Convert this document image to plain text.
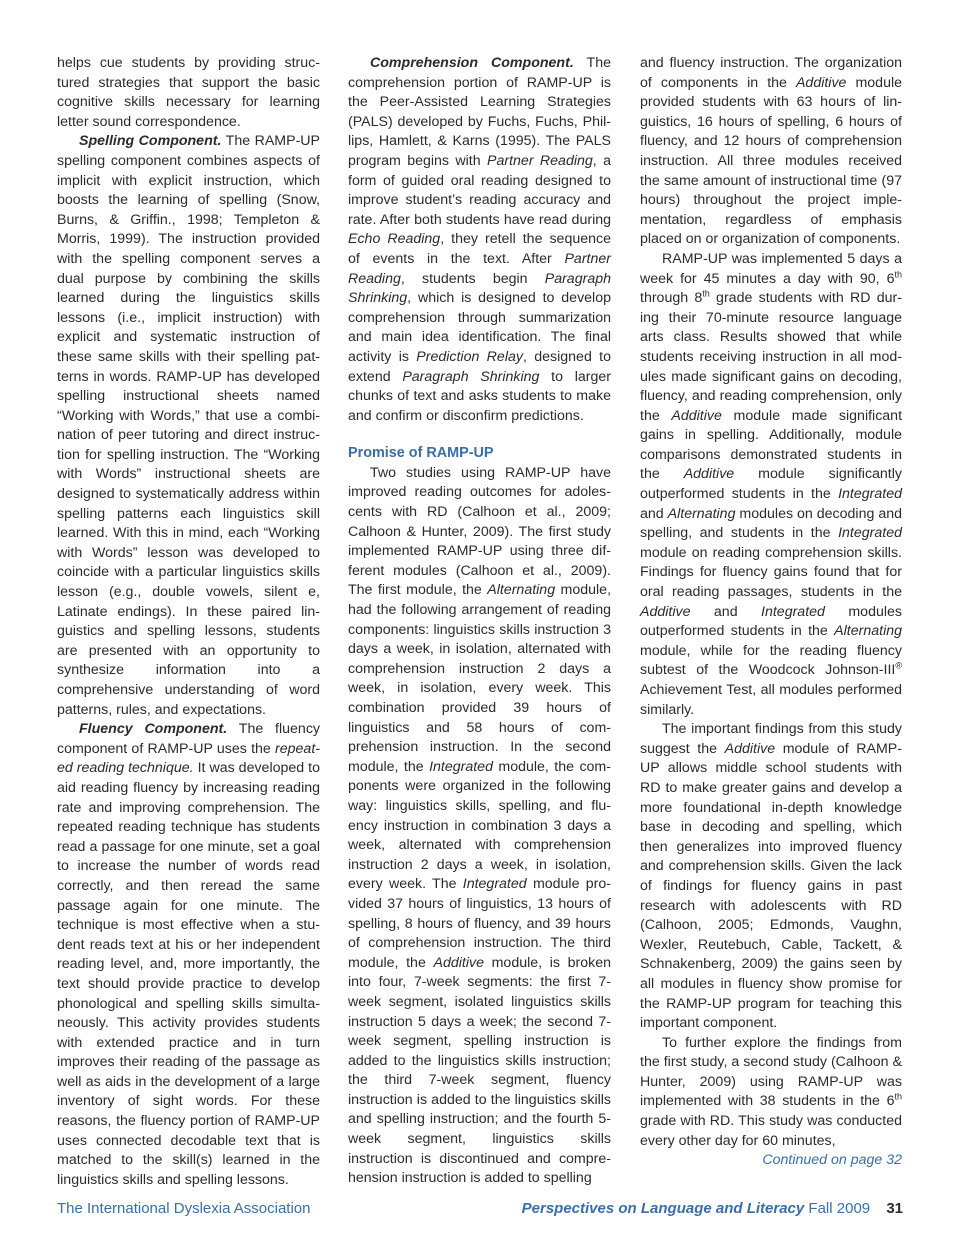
helps cue students by providing structured strategies that support the basic cognitive skills necessary for learning letter sound correspondence.

Spelling Component. The RAMP-UP spelling component combines aspects of implicit with explicit instruction, which boosts the learning of spelling (Snow, Burns, & Griffin., 1998; Templeton & Morris, 1999). The instruction provided with the spelling component serves a dual purpose by combining the skills learned during the linguistics skills lessons (i.e., implicit instruction) with explicit and systematic instruction of these same skills with their spelling patterns in words. RAMP-UP has developed spelling instructional sheets named “Working with Words,” that use a combination of peer tutoring and direct instruction for spelling instruction. The “Working with Words” instructional sheets are designed to systematically address within spelling patterns each linguistics skill learned. With this in mind, each “Working with Words” lesson was developed to coincide with a particular linguistics skills lesson (e.g., double vowels, silent e, Latinate endings). In these paired linguistics and spelling lessons, students are presented with an opportunity to synthesize information into a comprehensive understanding of word patterns, rules, and expectations.

Fluency Component. The fluency component of RAMP-UP uses the repeated reading technique. It was developed to aid reading fluency by increasing reading rate and improving comprehension. The repeated reading technique has students read a passage for one minute, set a goal to increase the number of words read correctly, and then reread the same passage again for one minute. The technique is most effective when a student reads text at his or her independent reading level, and, more importantly, the text should provide practice to develop phonological and spelling skills simultaneously. This activity provides students with extended practice and in turn improves their reading of the passage as well as aids in the development of a large inventory of sight words. For these reasons, the fluency portion of RAMP-UP uses connected decodable text that is matched to the skill(s) learned in the linguistics skills and spelling lessons.

Comprehension Component. The comprehension portion of RAMP-UP is the Peer-Assisted Learning Strategies (PALS) developed by Fuchs, Fuchs, Phillips, Hamlett, & Karns (1995). The PALS program begins with Partner Reading, a form of guided oral reading designed to improve student’s reading accuracy and rate. After both students have read during Echo Reading, they retell the sequence of events in the text. After Partner Reading, students begin Paragraph Shrinking, which is designed to develop comprehension through summarization and main idea identification. The final activity is Prediction Relay, designed to extend Paragraph Shrinking to larger chunks of text and asks students to make and confirm or disconfirm predictions.

Promise of RAMP-UP

Two studies using RAMP-UP have improved reading outcomes for adolescents with RD (Calhoon et al., 2009; Calhoon & Hunter, 2009). The first study implemented RAMP-UP using three different modules (Calhoon et al., 2009). The first module, the Alternating module, had the following arrangement of reading components: linguistics skills instruction 3 days a week, in isolation, alternated with comprehension instruction 2 days a week, in isolation, every week. This combination provided 39 hours of linguistics and 58 hours of comprehension instruction. In the second module, the Integrated module, the components were organized in the following way: linguistics skills, spelling, and fluency instruction in combination 3 days a week, alternated with comprehension instruction 2 days a week, in isolation, every week. The Integrated module provided 37 hours of linguistics, 13 hours of spelling, 8 hours of fluency, and 39 hours of comprehension instruction. The third module, the Additive module, is broken into four, 7-week segments: the first 7-week segment, isolated linguistics skills instruction 5 days a week; the second 7-week segment, spelling instruction is added to the linguistics skills instruction; the third 7-week segment, fluency instruction is added to the linguistics skills and spelling instruction; and the fourth 5-week segment, linguistics skills instruction is discontinued and comprehension instruction is added to spelling

and fluency instruction. The organization of components in the Additive module provided students with 63 hours of linguistics, 16 hours of spelling, 6 hours of fluency, and 12 hours of comprehension instruction. All three modules received the same amount of instructional time (97 hours) throughout the project implementation, regardless of emphasis placed on or organization of components.

RAMP-UP was implemented 5 days a week for 45 minutes a day with 90, 6th through 8th grade students with RD during their 70-minute resource language arts class. Results showed that while students receiving instruction in all modules made significant gains on decoding, fluency, and reading comprehension, only the Additive module made significant gains in spelling. Additionally, module comparisons demonstrated students in the Additive module significantly outperformed students in the Integrated and Alternating modules on decoding and spelling, and students in the Integrated module on reading comprehension skills. Findings for fluency gains found that for oral reading passages, students in the Additive and Integrated modules outperformed students in the Alternating module, while for the reading fluency subtest of the Woodcock Johnson-III® Achievement Test, all modules performed similarly.

The important findings from this study suggest the Additive module of RAMP-UP allows middle school students with RD to make greater gains and develop a more foundational in-depth knowledge base in decoding and spelling, which then generalizes into improved fluency and comprehension skills. Given the lack of findings for fluency gains in past research with adolescents with RD (Calhoon, 2005; Edmonds, Vaughn, Wexler, Reutebuch, Cable, Tackett, & Schnakenberg, 2009) the gains seen by all modules in fluency show promise for the RAMP-UP program for teaching this important component.

To further explore the findings from the first study, a second study (Calhoon & Hunter, 2009) using RAMP-UP was implemented with 38 students in the 6th grade with RD. This study was conducted every other day for 60 minutes,

Continued on page 32

The International Dyslexia Association	Perspectives on Language and Literacy Fall 2009 31
